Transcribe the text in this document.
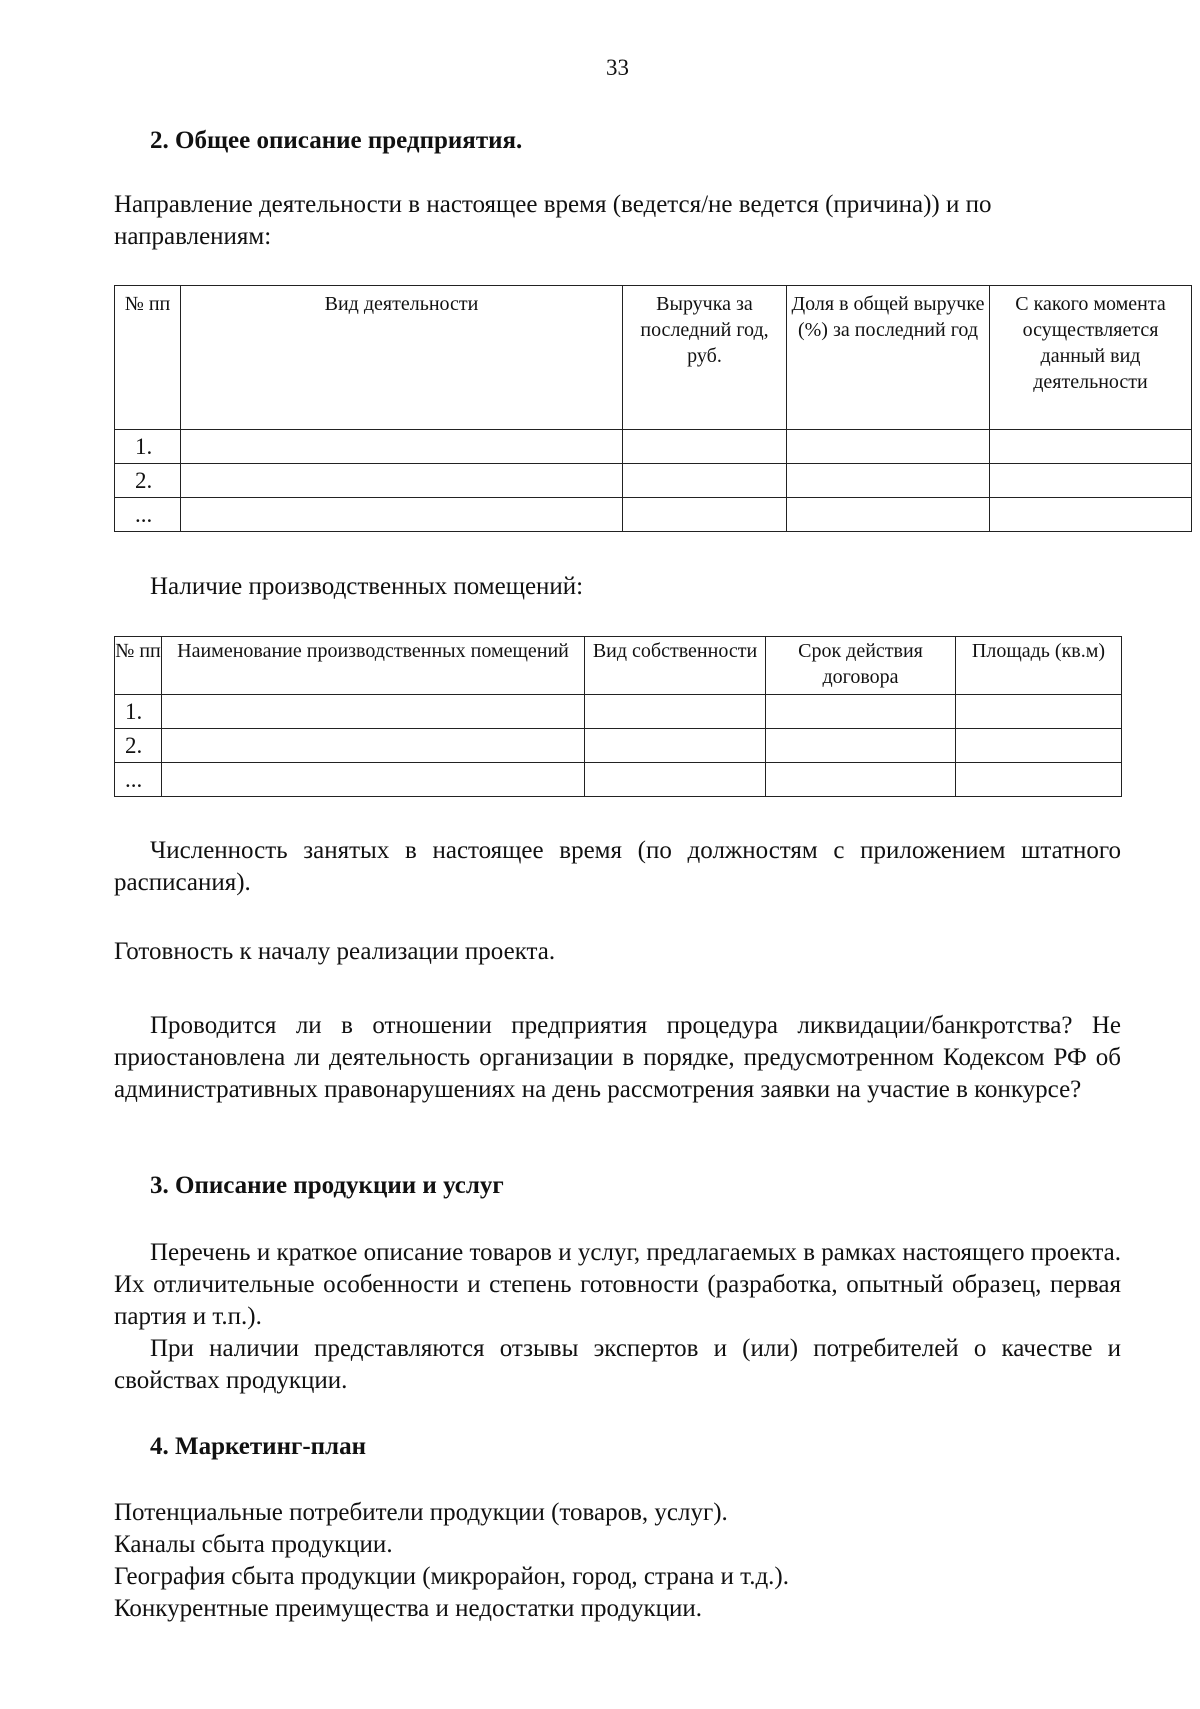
33
2. Общее описание предприятия.
Направление деятельности в настоящее время (ведется/не ведется (причина)) и по
направлениям:
№ пп	Вид деятельности	Выручка за последний год, руб.	Доля в общей выручке (%) за последний год	С какого момента осуществляется данный вид деятельности
1.				
2.				
...				
Наличие производственных помещений:
№ пп	Наименование производственных помещений	Вид собственности	Срок действия договора	Площадь (кв.м)
1.				
2.				
...				
Численность занятых в настоящее время (по должностям с приложением штатного расписания).
Готовность к началу реализации проекта.
Проводится ли в отношении предприятия процедура ликвидации/банкротства? Не приостановлена ли деятельность организации в порядке, предусмотренном Кодексом РФ об административных правонарушениях на день рассмотрения заявки на участие в конкурсе?
3. Описание продукции и услуг
Перечень и краткое описание товаров и услуг, предлагаемых в рамках настоящего проекта. Их отличительные особенности и степень готовности (разработка, опытный образец, первая партия и т.п.).
При наличии представляются отзывы экспертов и (или) потребителей о качестве и свойствах продукции.
4. Маркетинг-план
Потенциальные потребители продукции (товаров, услуг).
Каналы сбыта продукции.
География сбыта продукции (микрорайон, город, страна и т.д.).
Конкурентные преимущества и недостатки продукции.
